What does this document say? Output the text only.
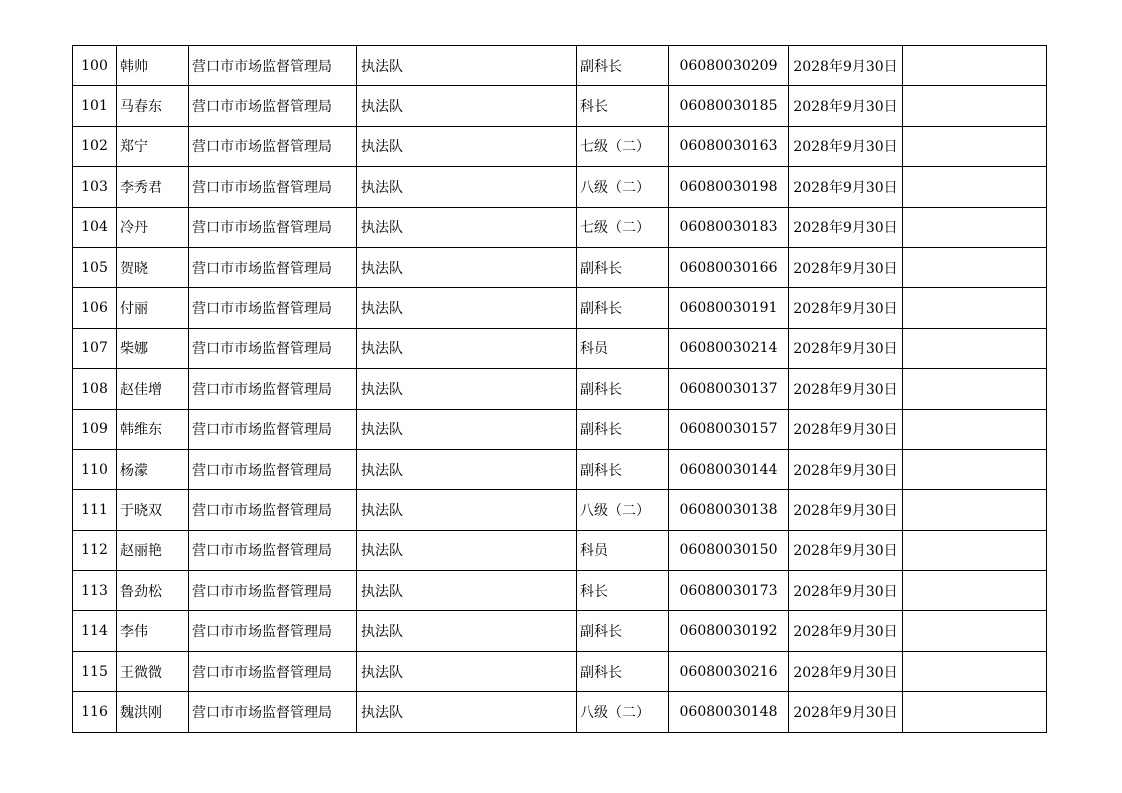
100	韩帅	营口市市场监督管理局	执法队	副科长	06080030209	2028年9月30日	
101	马春东	营口市市场监督管理局	执法队	科长	06080030185	2028年9月30日	
102	郑宁	营口市市场监督管理局	执法队	七级（二）	06080030163	2028年9月30日	
103	李秀君	营口市市场监督管理局	执法队	八级（二）	06080030198	2028年9月30日	
104	冷丹	营口市市场监督管理局	执法队	七级（二）	06080030183	2028年9月30日	
105	贺晓	营口市市场监督管理局	执法队	副科长	06080030166	2028年9月30日	
106	付丽	营口市市场监督管理局	执法队	副科长	06080030191	2028年9月30日	
107	柴娜	营口市市场监督管理局	执法队	科员	06080030214	2028年9月30日	
108	赵佳增	营口市市场监督管理局	执法队	副科长	06080030137	2028年9月30日	
109	韩维东	营口市市场监督管理局	执法队	副科长	06080030157	2028年9月30日	
110	杨濛	营口市市场监督管理局	执法队	副科长	06080030144	2028年9月30日	
111	于晓双	营口市市场监督管理局	执法队	八级（二）	06080030138	2028年9月30日	
112	赵丽艳	营口市市场监督管理局	执法队	科员	06080030150	2028年9月30日	
113	鲁劲松	营口市市场监督管理局	执法队	科长	06080030173	2028年9月30日	
114	李伟	营口市市场监督管理局	执法队	副科长	06080030192	2028年9月30日	
115	王微微	营口市市场监督管理局	执法队	副科长	06080030216	2028年9月30日	
116	魏洪刚	营口市市场监督管理局	执法队	八级（二）	06080030148	2028年9月30日	
